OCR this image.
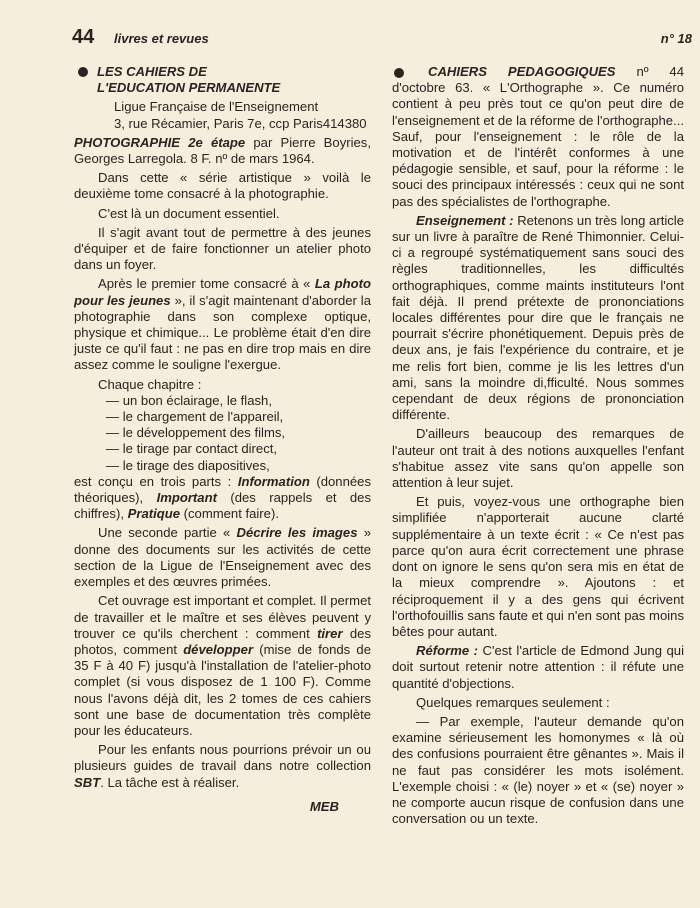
44 livres et revues	n° 18
LES CAHIERS DE
L'EDUCATION PERMANENTE

Ligue Française de l'Enseignement

3, rue Récamier, Paris 7e, ccp Paris414380

PHOTOGRAPHIE 2e étape par Pierre Boyries, Georges Larregola. 8 F. nº de mars 1964.

Dans cette « série artistique » voilà le deuxième tome consacré à la photographie.

C'est là un document essentiel.

Il s'agit avant tout de permettre à des jeunes d'équiper et de faire fonctionner un atelier photo dans un foyer.

Après le premier tome consacré à « La photo pour les jeunes », il s'agit maintenant d'aborder la photographie dans son complexe optique, physique et chimique... Le problème était d'en dire juste ce qu'il faut : ne pas en dire trop mais en dire assez comme le souligne l'exergue.

Chaque chapitre :

— un bon éclairage, le flash,
— le chargement de l'appareil,
— le développement des films,
— le tirage par contact direct,
— le tirage des diapositives,

est conçu en trois parts : Information (données théoriques), Important (des rappels et des chiffres), Pratique (comment faire).

Une seconde partie « Décrire les images » donne des documents sur les activités de cette section de la Ligue de l'Enseignement avec des exemples et des œuvres primées.

Cet ouvrage est important et complet. Il permet de travailler et le maître et ses élèves peuvent y trouver ce qu'ils cherchent : comment tirer des photos, comment développer (mise de fonds de 35 F à 40 F) jusqu'à l'installation de l'atelier-photo complet (si vous disposez de 1 100 F). Comme nous l'avons déjà dit, les 2 tomes de ces cahiers sont une base de documentation très complète pour les éducateurs.

Pour les enfants nous pourrions prévoir un ou plusieurs guides de travail dans notre collection SBT. La tâche est à réaliser.

MEB

CAHIERS PEDAGOGIQUES nº 44 d'octobre 63. « L'Orthographe ». Ce numéro contient à peu près tout ce qu'on peut dire de l'enseignement et de la réforme de l'orthographe... Sauf, pour l'enseignement : le rôle de la motivation et de l'intérêt conformes à une pédagogie sensible, et sauf, pour la réforme : le souci des principaux intéressés : ceux qui ne sont pas des spécialistes de l'orthographe.

Enseignement : Retenons un très long article sur un livre à paraître de René Thimonnier. Celui-ci a regroupé systématiquement sans souci des règles traditionnelles, les difficultés orthographiques, comme maints instituteurs l'ont fait déjà. Il prend prétexte de prononciations locales différentes pour dire que le français ne pourrait s'écrire phonétiquement. Depuis près de deux ans, je fais l'expérience du contraire, et je me relis fort bien, comme je lis les lettres d'un ami, sans la moindre di,fficulté. Nous sommes cependant de deux régions de prononciation différente.

D'ailleurs beaucoup des remarques de l'auteur ont trait à des notions auxquelles l'enfant s'habitue assez vite sans qu'on appelle son attention à leur sujet.

Et puis, voyez-vous une orthographe bien simplifiée n'apporterait aucune clarté supplémentaire à un texte écrit : « Ce n'est pas parce qu'on aura écrit correctement une phrase dont on ignore le sens qu'on sera mis en état de la mieux comprendre ». Ajoutons : et réciproquement il y a des gens qui écrivent l'orthofouillis sans faute et qui n'en sont pas moins bêtes pour autant.

Réforme : C'est l'article de Edmond Jung qui doit surtout retenir notre attention : il réfute une quantité d'objections.

Quelques remarques seulement :

— Par exemple, l'auteur demande qu'on examine sérieusement les homonymes « là où des confusions pourraient être gênantes ». Mais il ne faut pas considérer les mots isolément. L'exemple choisi : « (le) noyer » et « (se) noyer » ne comporte aucun risque de confusion dans une conversation ou un texte.
